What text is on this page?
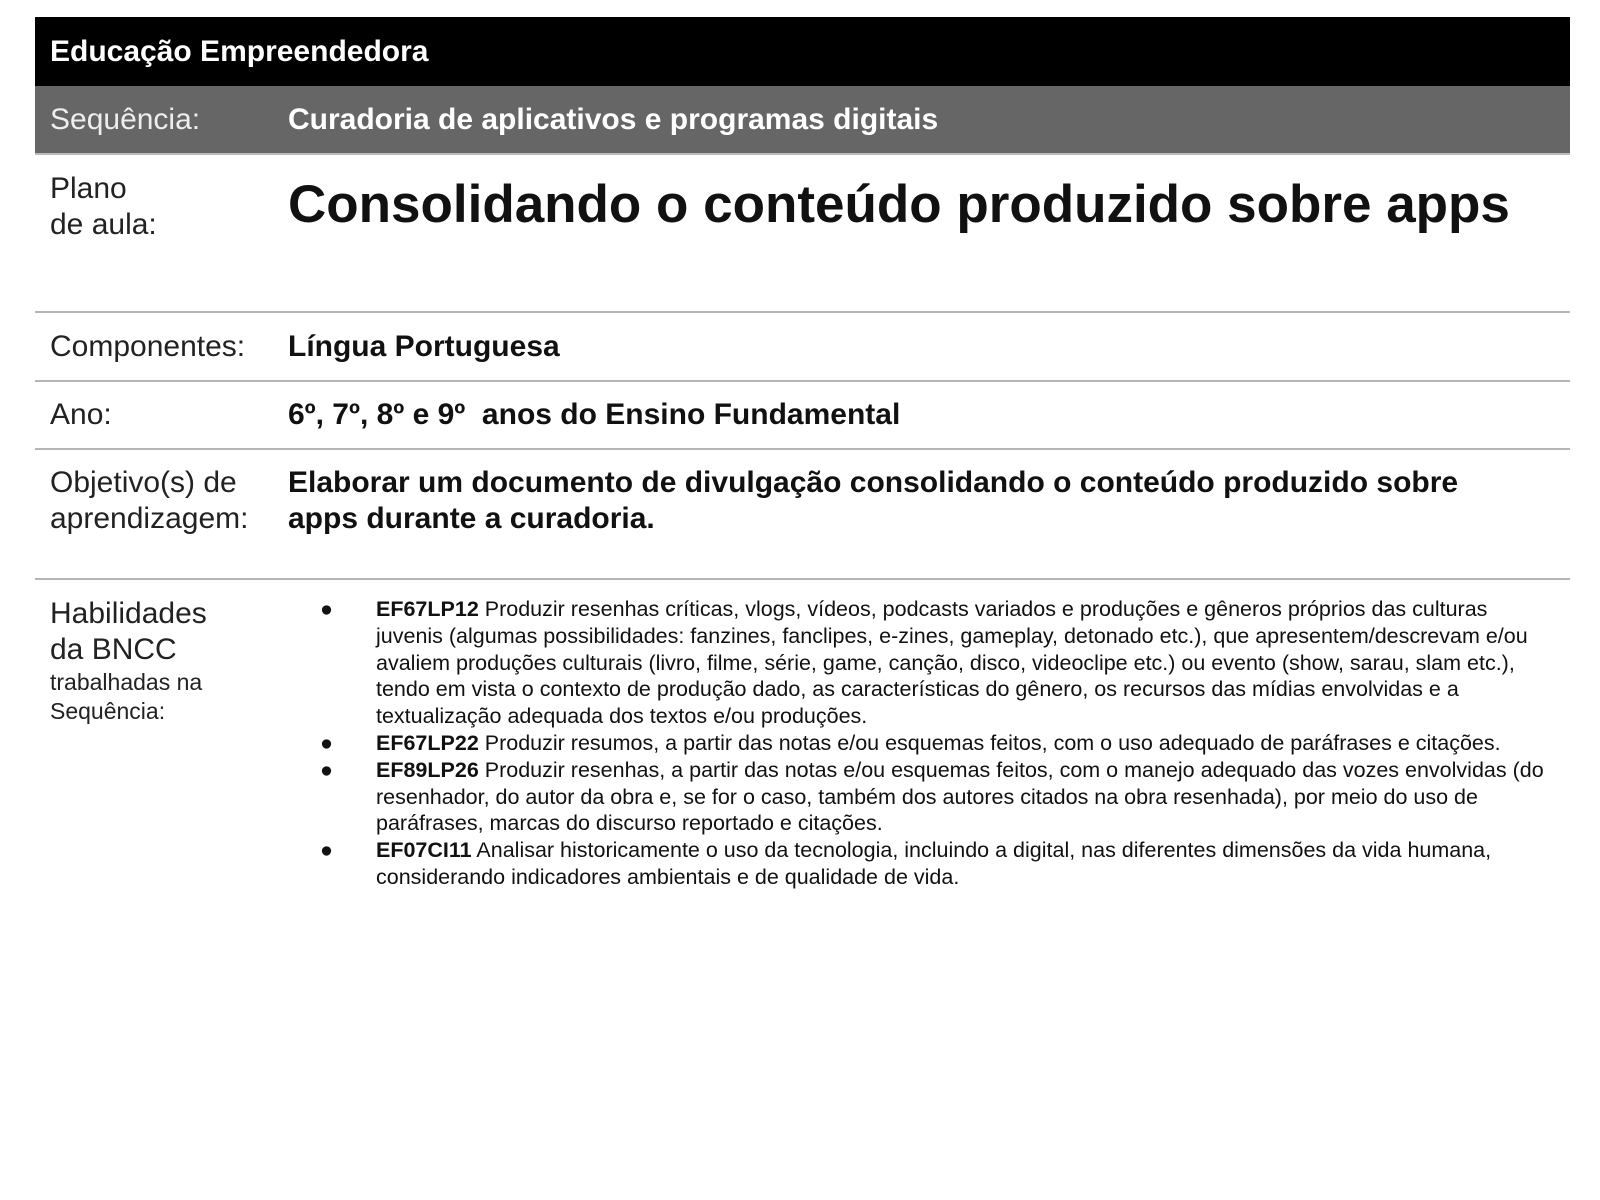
Educação Empreendedora
Sequência:	Curadoria de aplicativos e programas digitais
Plano
de aula:	Consolidando o conteúdo produzido sobre apps
Componentes:	Língua Portuguesa
Ano:	6º, 7º, 8º e 9º  anos do Ensino Fundamental
Objetivo(s) de
aprendizagem:
Elaborar um documento de divulgação consolidando o conteúdo produzido sobre apps durante a curadoria.
Habilidades
da BNCC
trabalhadas na
Sequência:
● EF67LP12 Produzir resenhas críticas, vlogs, vídeos, podcasts variados e produções e gêneros próprios das culturas juvenis (algumas possibilidades: fanzines, fanclipes, e-zines, gameplay, detonado etc.), que apresentem/descrevam e/ou avaliem produções culturais (livro, filme, série, game, canção, disco, videoclipe etc.) ou evento (show, sarau, slam etc.), tendo em vista o contexto de produção dado, as características do gênero, os recursos das mídias envolvidas e a textualização adequada dos textos e/ou produções.
● EF67LP22 Produzir resumos, a partir das notas e/ou esquemas feitos, com o uso adequado de paráfrases e citações.
● EF89LP26 Produzir resenhas, a partir das notas e/ou esquemas feitos, com o manejo adequado das vozes envolvidas (do resenhador, do autor da obra e, se for o caso, também dos autores citados na obra resenhada), por meio do uso de paráfrases, marcas do discurso reportado e citações.
● EF07CI11 Analisar historicamente o uso da tecnologia, incluindo a digital, nas diferentes dimensões da vida humana, considerando indicadores ambientais e de qualidade de vida.
